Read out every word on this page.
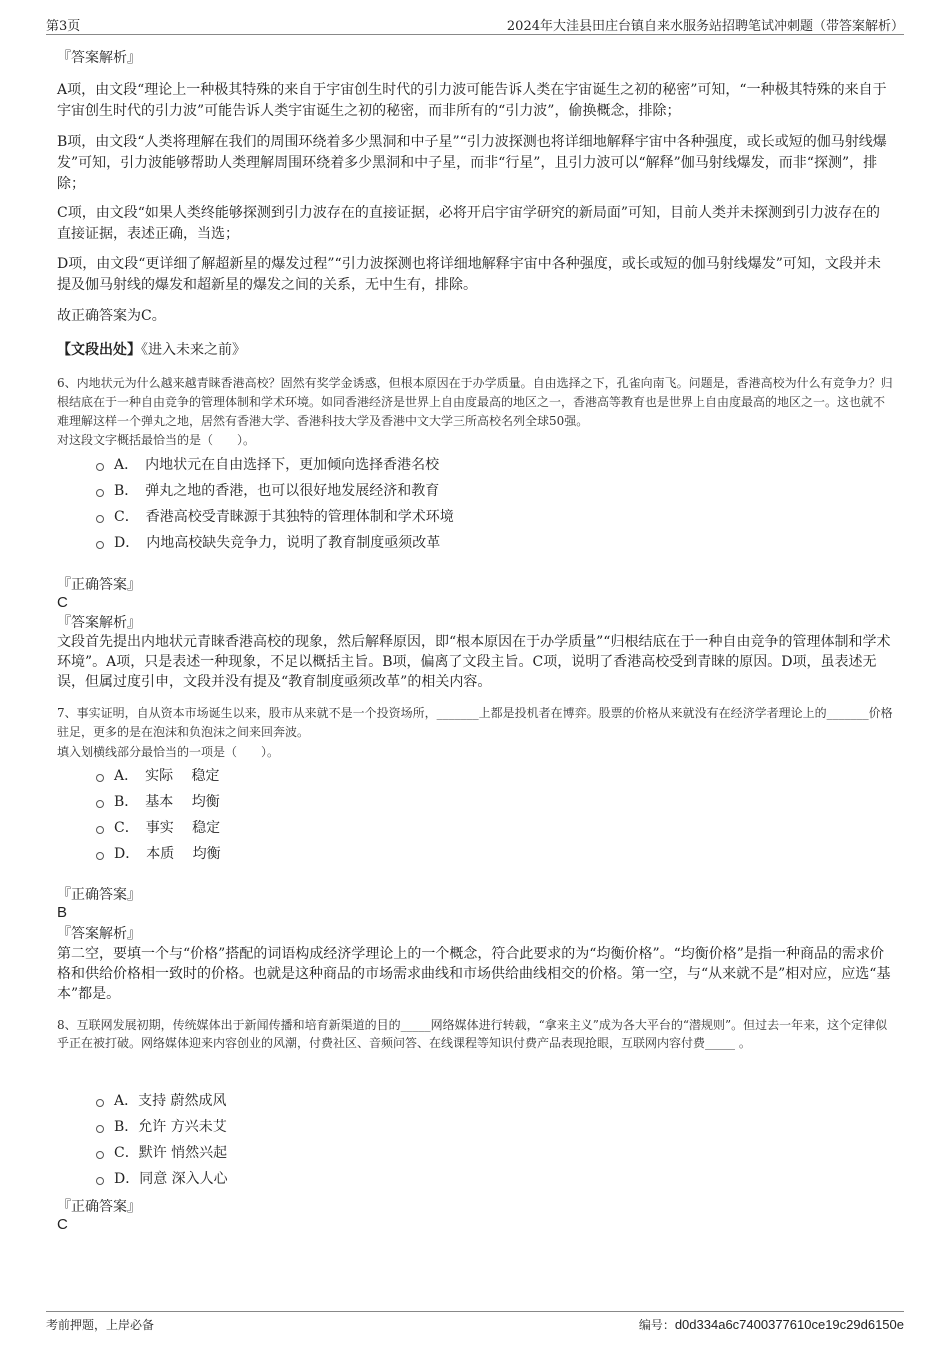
第3页	2024年大洼县田庄台镇自来水服务站招聘笔试冲刺题（带答案解析）
『答案解析』
A项，由文段“理论上一种极其特殊的来自于宇宙创生时代的引力波可能告诉人类在宇宙诞生之初的秘密”可知，“一种极其特殊的来自于宇宙创生时代的引力波”可能告诉人类宇宙诞生之初的秘密，而非所有的“引力波”，偷换概念，排除；
B项，由文段“人类将理解在我们的周围环绕着多少黑洞和中子星”“引力波探测也将详细地解释宇宙中各种强度，或长或短的伽马射线爆发”可知，引力波能够帮助人类理解周围环绕着多少黑洞和中子星，而非“行星”，且引力波可以“解释”伽马射线爆发，而非“探测”，排除；
C项，由文段“如果人类终能够探测到引力波存在的直接证据，必将开启宇宙学研究的新局面”可知，目前人类并未探测到引力波存在的直接证据，表述正确，当选；
D项，由文段“更详细了解超新星的爆发过程”“引力波探测也将详细地解释宇宙中各种强度，或长或短的伽马射线爆发”可知，文段并未提及伽马射线的爆发和超新星的爆发之间的关系，无中生有，排除。
故正确答案为C。
【文段出处】《进入未来之前》
6、内地状元为什么越来越青睐香港高校？固然有奖学金诱惑，但根本原因在于办学质量。自由选择之下，孔雀向南飞。问题是，香港高校为什么有竞争力？归根结底在于一种自由竞争的管理体制和学术环境。如同香港经济是世界上自由度最高的地区之一，香港高等教育也是世界上自由度最高的地区之一。这也就不难理解这样一个弹丸之地，居然有香港大学、香港科技大学及香港中文大学三所高校名列全球50强。
对这段文字概括最恰当的是（　　）。
A．　内地状元在自由选择下，更加倾向选择香港名校
B．　弹丸之地的香港，也可以很好地发展经济和教育
C．　香港高校受青睐源于其独特的管理体制和学术环境
D．　内地高校缺失竞争力，说明了教育制度亟须改革
『正确答案』
C
『答案解析』
文段首先提出内地状元青睐香港高校的现象，然后解释原因，即“根本原因在于办学质量”“归根结底在于一种自由竞争的管理体制和学术环境”。A项，只是表述一种现象，不足以概括主旨。B项，偏离了文段主旨。C项，说明了香港高校受到青睐的原因。D项，虽表述无误，但属过度引申，文段并没有提及“教育制度亟须改革”的相关内容。
7、事实证明，自从资本市场诞生以来，股市从来就不是一个投资场所，_______上都是投机者在博弈。股票的价格从来就没有在经济学者理论上的_______价格驻足，更多的是在泡沫和负泡沫之间来回奔波。
填入划横线部分最恰当的一项是（　　）。
A．　实际　 稳定
B．　基本　 均衡
C．　事实　 稳定
D．　本质　 均衡
『正确答案』
B
『答案解析』
第二空，要填一个与“价格”搭配的词语构成经济学理论上的一个概念，符合此要求的为“均衡价格”。“均衡价格”是指一种商品的需求价格和供给价格相一致时的价格。也就是这种商品的市场需求曲线和市场供给曲线相交的价格。第一空，与“从来就不是”相对应，应选“基本”都是。
8、互联网发展初期，传统媒体出于新闻传播和培育新渠道的目的_____网络媒体进行转载，“拿来主义”成为各大平台的“潜规则”。但过去一年来，这个定律似乎正在被打破。网络媒体迎来内容创业的风潮，付费社区、音频问答、在线课程等知识付费产品表现抢眼，互联网内容付费_____ 。
A．支持 蔚然成风
B．允许 方兴未艾
C．默许 悄然兴起
D．同意 深入人心
『正确答案』
C
考前押题，上岸必备	编号：d0d334a6c7400377610ce19c29d6150e
